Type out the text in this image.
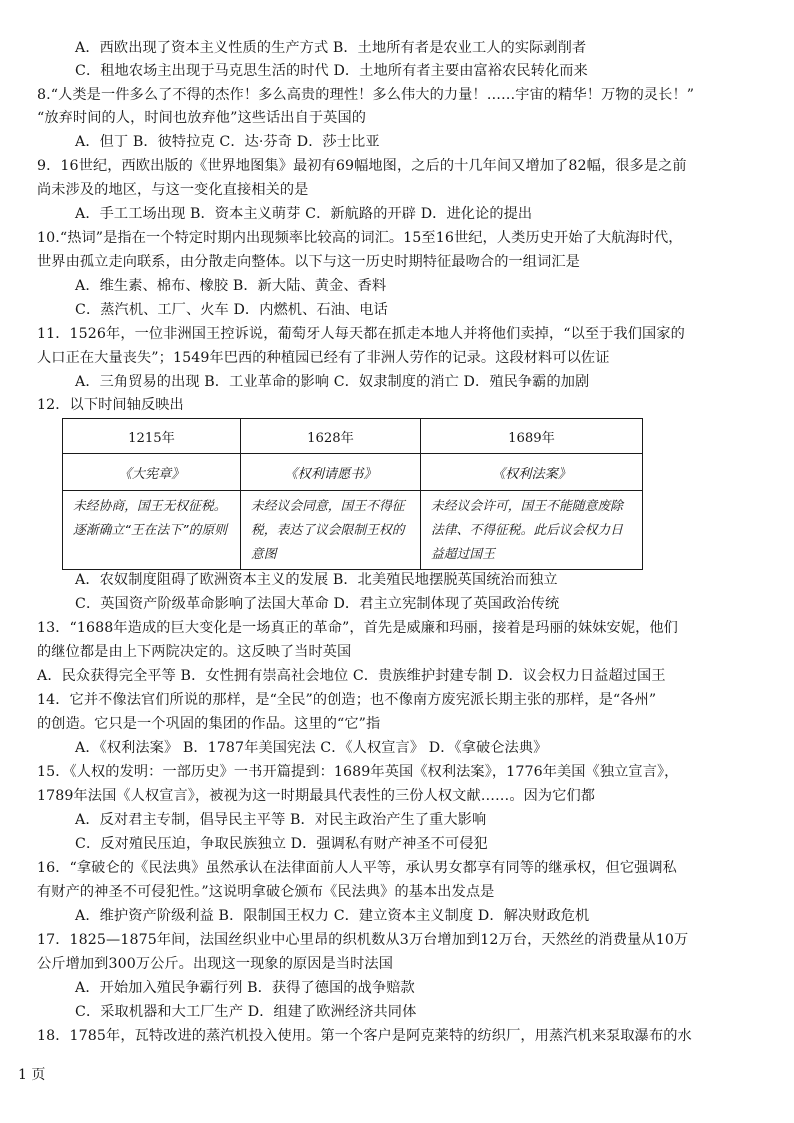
A．西欧出现了资本主义性质的生产方式 B．土地所有者是农业工人的实际剥削者
C．租地农场主出现于马克思生活的时代 D．土地所有者主要由富裕农民转化而来
8.“人类是一件多么了不得的杰作！多么高贵的理性！多么伟大的力量！……宇宙的精华！万物的灵长！”
“放弃时间的人，时间也放弃他”这些话出自于英国的
A．但丁 B．彼特拉克 C．达·芬奇 D．莎士比亚
9．16世纪，西欧出版的《世界地图集》最初有69幅地图，之后的十几年间又增加了82幅，很多是之前
尚未涉及的地区，与这一变化直接相关的是
A．手工工场出现 B．资本主义萌芽 C．新航路的开辟 D．进化论的提出
10.“热词”是指在一个特定时期内出现频率比较高的词汇。15至16世纪，人类历史开始了大航海时代，
世界由孤立走向联系，由分散走向整体。以下与这一历史时期特征最吻合的一组词汇是
A．维生素、棉布、橡胶 B．新大陆、黄金、香料
C．蒸汽机、工厂、火车 D．内燃机、石油、电话
11．1526年，一位非洲国王控诉说，葡萄牙人每天都在抓走本地人并将他们卖掉，“以至于我们国家的
人口正在大量丧失”；1549年巴西的种植园已经有了非洲人劳作的记录。这段材料可以佐证
A．三角贸易的出现 B．工业革命的影响 C．奴隶制度的消亡 D．殖民争霸的加剧
12．以下时间轴反映出
A．农奴制度阻碍了欧洲资本主义的发展 B．北美殖民地摆脱英国统治而独立
C．英国资产阶级革命影响了法国大革命 D．君主立宪制体现了英国政治传统
13．“1688年造成的巨大变化是一场真正的革命”，首先是威廉和玛丽，接着是玛丽的妹妹安妮，他们
的继位都是由上下两院决定的。这反映了当时英国
A．民众获得完全平等 B．女性拥有崇高社会地位 C．贵族维护封建专制 D．议会权力日益超过国王
14．它并不像法官们所说的那样，是“全民”的创造；也不像南方废宪派长期主张的那样，是“各州”
的创造。它只是一个巩固的集团的作品。这里的“它”指
A．《权利法案》 B．1787年美国宪法 C．《人权宣言》 D．《拿破仑法典》
15．《人权的发明：一部历史》一书开篇提到：1689年英国《权利法案》，1776年美国《独立宣言》，
1789年法国《人权宣言》，被视为这一时期最具代表性的三份人权文献……。因为它们都
A．反对君主专制，倡导民主平等 B．对民主政治产生了重大影响
C．反对殖民压迫，争取民族独立 D．强调私有财产神圣不可侵犯
16．“拿破仑的《民法典》虽然承认在法律面前人人平等，承认男女都享有同等的继承权，但它强调私
有财产的神圣不可侵犯性。”这说明拿破仑颁布《民法典》的基本出发点是
A．维护资产阶级利益 B．限制国王权力 C．建立资本主义制度 D．解决财政危机
17．1825—1875年间，法国丝织业中心里昂的织机数从3万台增加到12万台，天然丝的消费量从10万
公斤增加到300万公斤。出现这一现象的原因是当时法国
A．开始加入殖民争霸行列 B．获得了德国的战争赔款
C．采取机器和大工厂生产 D．组建了欧洲经济共同体
18．1785年，瓦特改进的蒸汽机投入使用。第一个客户是阿克莱特的纺织厂，用蒸汽机来泵取瀑布的水
1215年	1628年	1689年
《大宪章》	《权利请愿书》	《权利法案》
未经协商，国王无权征税。逐渐确立“王在法下”的原则	未经议会同意，国王不得征税，表达了议会限制王权的意图	未经议会许可，国王不能随意废除法律、不得征税。此后议会权力日益超过国王
1 页
